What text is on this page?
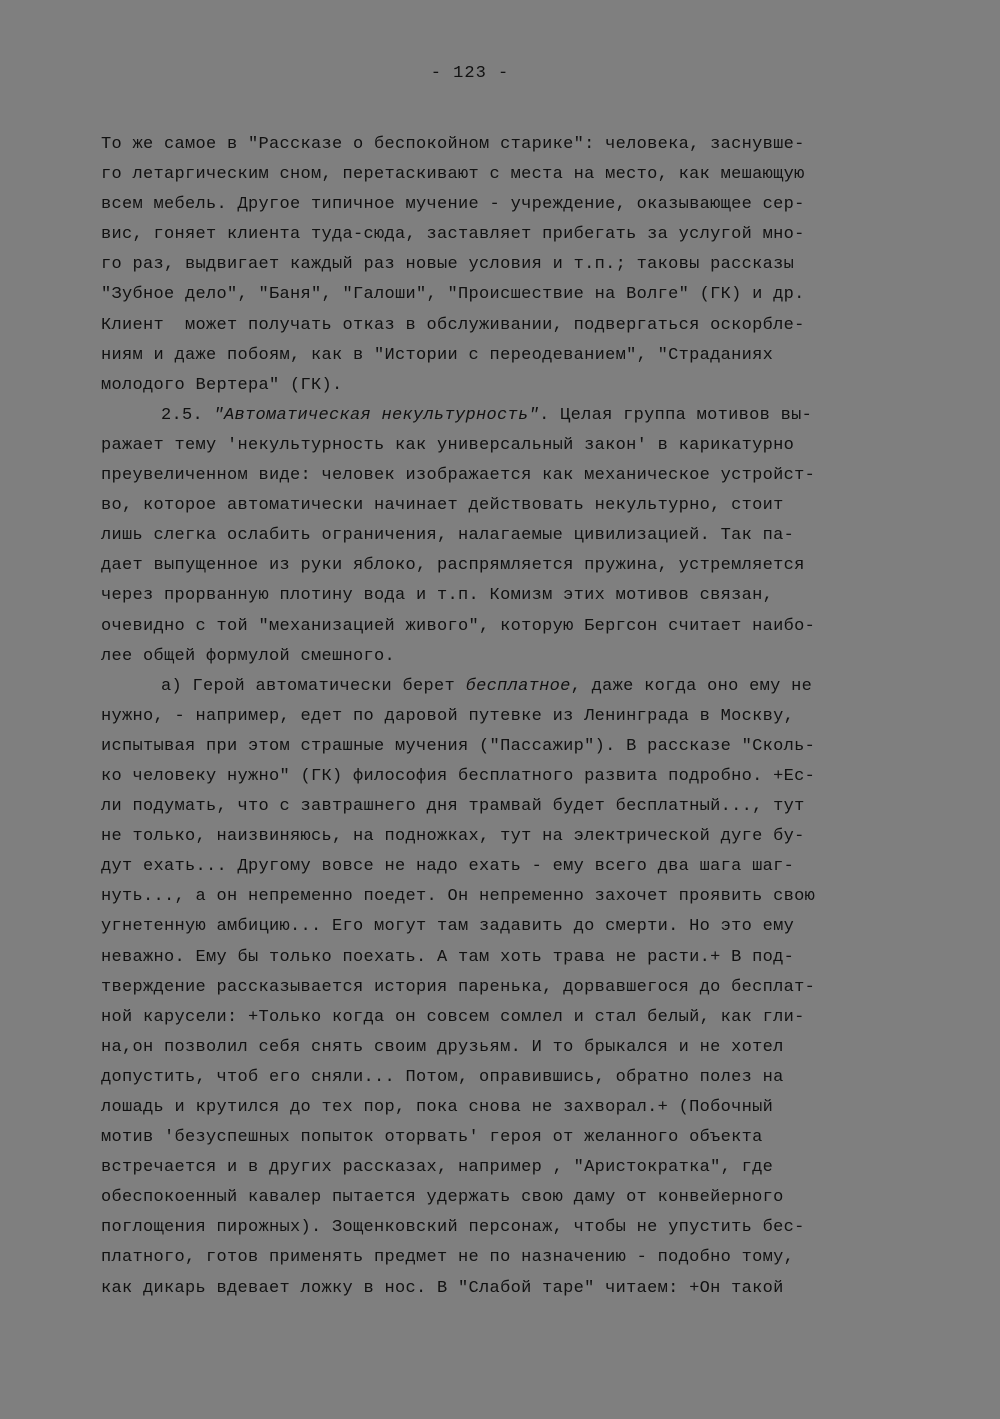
- 123 -
То же самое в "Рассказе о беспокойном старике": человека, заснувше-
го летаргическим сном, перетаскивают с места на место, как мешающую
всем мебель. Другое типичное мучение - учреждение, оказывающее сер-
вис, гоняет клиента туда-сюда, заставляет прибегать за услугой мно-
го раз, выдвигает каждый раз новые условия и т.п.; таковы рассказы
"Зубное дело", "Баня", "Галоши", "Происшествие на Волге" (ГК) и др.
Клиент  может получать отказ в обслуживании, подвергаться оскорбле-
ниям и даже побоям, как в "Истории с переодеванием", "Страданиях
молодого Вертера" (ГК).
2.5. "Автоматическая некультурность". Целая группа мотивов вы-
ражает тему 'некультурность как универсальный закон' в карикатурно
преувеличенном виде: человек изображается как механическое устройст-
во, которое автоматически начинает действовать некультурно, стоит
лишь слегка ослабить ограничения, налагаемые цивилизацией. Так па-
дает выпущенное из руки яблоко, распрямляется пружина, устремляется
через прорванную плотину вода и т.п. Комизм этих мотивов связан,
очевидно с той "механизацией живого", которую Бергсон считает наибо-
лее общей формулой смешного.
а) Герой автоматически берет бесплатное, даже когда оно ему не
нужно, - например, едет по даровой путевке из Ленинграда в Москву,
испытывая при этом страшные мучения ("Пассажир"). В рассказе "Сколь-
ко человеку нужно" (ГК) философия бесплатного развита подробно. +Ес-
ли подумать, что с завтрашнего дня трамвай будет бесплатный..., тут
не только, наизвиняюсь, на подножках, тут на электрической дуге бу-
дут ехать... Другому вовсе не надо ехать - ему всего два шага шаг-
нуть..., а он непременно поедет. Он непременно захочет проявить свою
угнетенную амбицию... Его могут там задавить до смерти. Но это ему
неважно. Ему бы только поехать. А там хоть трава не расти.+ В под-
тверждение рассказывается история паренька, дорвавшегося до бесплат-
ной карусели: +Только когда он совсем сомлел и стал белый, как гли-
на,он позволил себя снять своим друзьям. И то брыкался и не хотел
допустить, чтоб его сняли... Потом, оправившись, обратно полез на
лошадь и крутился до тех пор, пока снова не захворал.+ (Побочный
мотив 'безуспешных попыток оторвать' героя от желанного объекта
встречается и в других рассказах, например , "Аристократка", где
обеспокоенный кавалер пытается удержать свою даму от конвейерного
поглощения пирожных). Зощенковский персонаж, чтобы не упустить бес-
платного, готов применять предмет не по назначению - подобно тому,
как дикарь вдевает ложку в нос. В "Слабой таре" читаем: +Он такой
